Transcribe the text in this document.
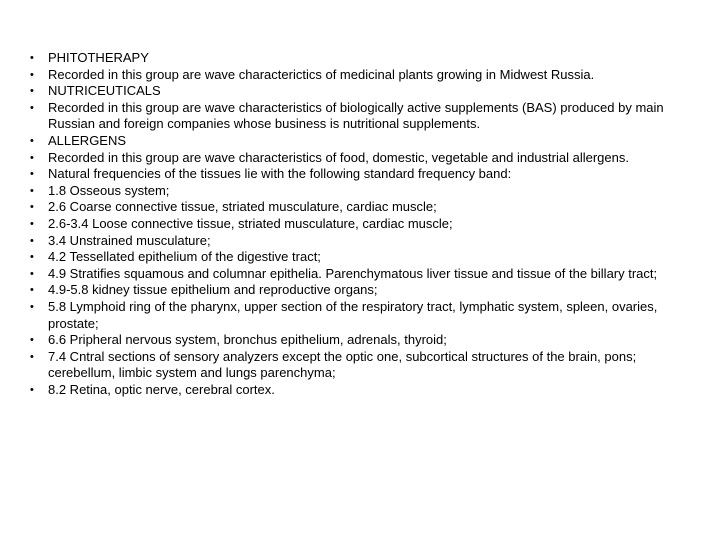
•	PHITOTHERAPY
•	Recorded in this group are wave characterictics of medicinal plants growing in Midwest Russia.
•	NUTRICEUTICALS
•	Recorded in this group are wave characteristics of biologically active supplements (BAS) produced by main Russian and foreign companies whose business is nutritional supplements.
•	ALLERGENS
•	Recorded in this group are wave characteristics of food, domestic, vegetable and industrial allergens.
•	Natural frequencies of the tissues lie with the following standard frequency band:
•	1.8 Osseous system;
•	2.6 Coarse connective tissue, striated musculature, cardiac muscle;
•	2.6-3.4 Loose connective tissue, striated musculature, cardiac muscle;
•	3.4 Unstrained musculature;
•	4.2 Tessellated epithelium of the digestive tract;
•	4.9 Stratifies squamous and columnar epithelia. Parenchymatous liver tissue and tissue of the billary tract;
•	4.9-5.8 kidney tissue epithelium and reproductive organs;
•	5.8 Lymphoid ring of the pharynx, upper section of the respiratory tract, lymphatic system, spleen, ovaries, prostate;
•	6.6 Pripheral nervous system, bronchus epithelium, adrenals, thyroid;
•	7.4 Cntral sections of sensory analyzers except the optic one, subcortical structures of the brain, pons; cerebellum, limbic system and lungs parenchyma;
•	8.2 Retina, optic nerve, cerebral cortex.
